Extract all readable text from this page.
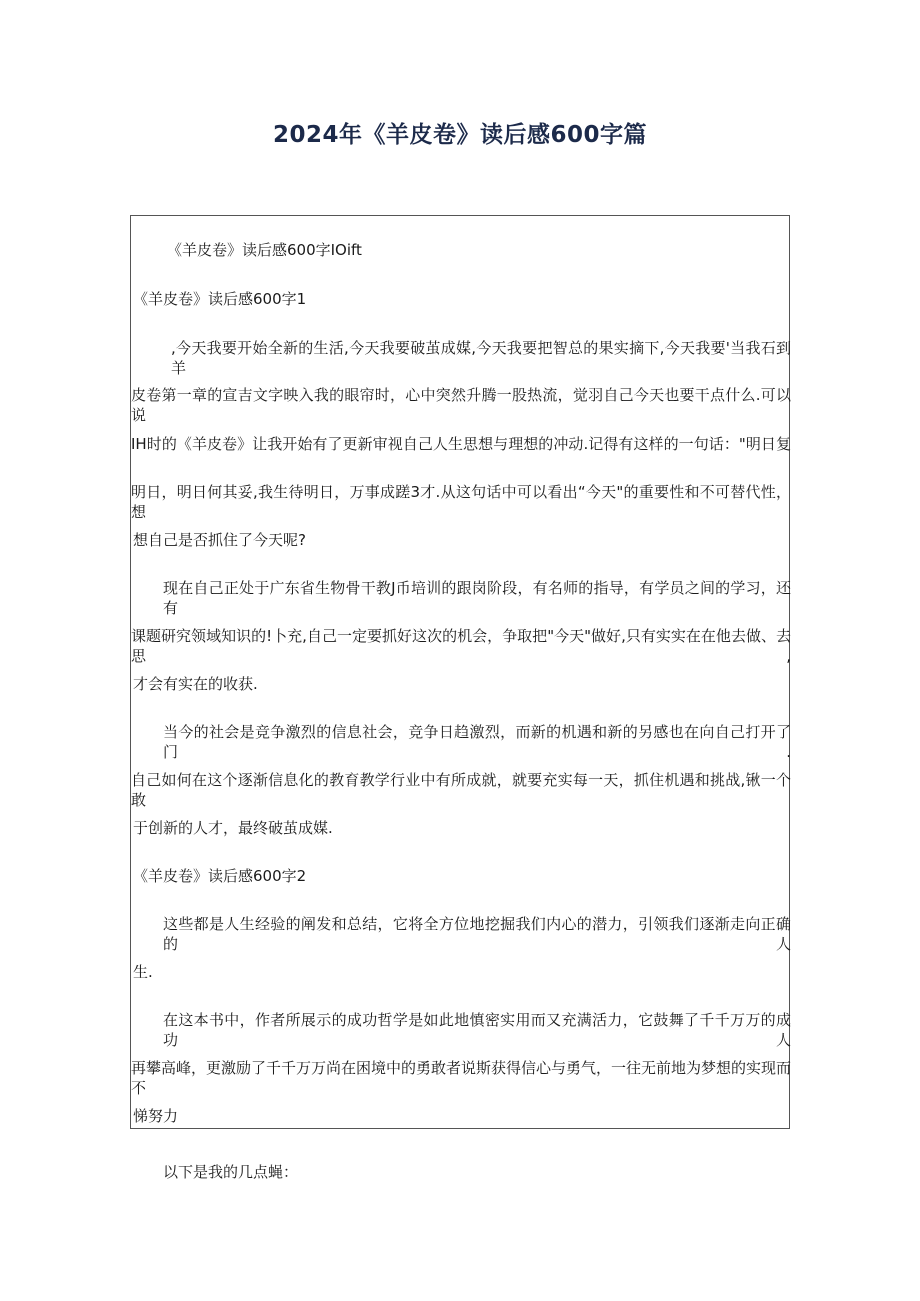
2024年《羊皮卷》读后感600字篇
《羊皮卷》读后感600字IOift
《羊皮卷》读后感600字1
,今天我要开始全新的生活,今天我要破茧成媒,今天我要把智总的果实摘下,今天我要'当我石到羊
皮卷第一章的宣吉文字映入我的眼帘时，心中突然升腾一股热流，觉羽自己今天也要干点什么.可以说
IH时的《羊皮卷》让我开始有了更新审视自己人生思想与理想的冲动.记得有这样的一句话："明日复
明日，明日何其妥,我生待明日，万事成蹉3才.从这句话中可以看出“今天"的重要性和不可替代性，想
想自己是否抓住了今天呢?
现在自己正处于广东省生物骨干教J币培训的跟岗阶段，有名师的指导，有学员之间的学习，还有
课题研究领域知识的!卜充,自己一定要抓好这次的机会，争取把"今天"做好,只有实实在在他去做、去思,
才会有实在的收获.
当今的社会是竞争激烈的信息社会，竞争日趋激烈，而新的机遇和新的另感也在向自己打开了门.
自己如何在这个逐渐信息化的教育教学行业中有所成就，就要充实每一天，抓住机遇和挑战,锹一个敢
于创新的人才，最终破茧成媒.
《羊皮卷》读后感600字2
这些都是人生经验的阐发和总结，它将全方位地挖掘我们内心的潜力，引领我们逐渐走向正确的人
生.
在这本书中，作者所展示的成功哲学是如此地慎密实用而又充满活力，它鼓舞了千千万万的成功人
再攀高峰，更激励了千千万万尚在困境中的勇敢者说斯获得信心与勇气，一往无前地为梦想的实现而不
悌努力
以下是我的几点蝇：
